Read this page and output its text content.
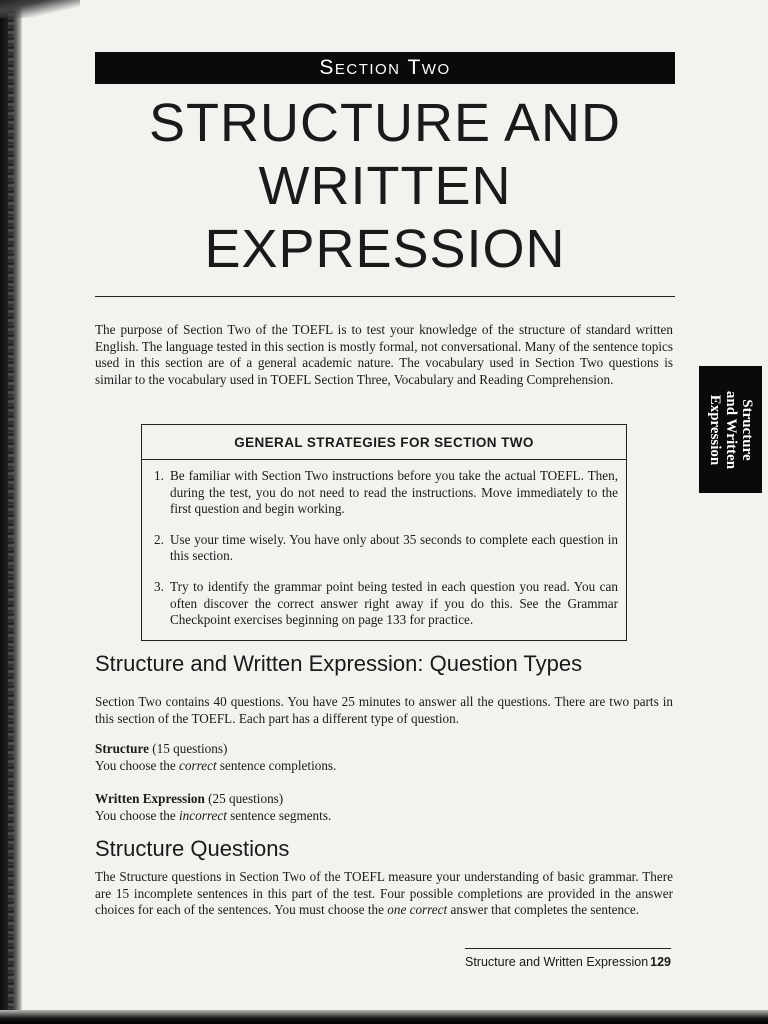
Section Two
STRUCTURE AND
WRITTEN
EXPRESSION
Structure
and Written
Expression

The purpose of Section Two of the TOEFL is to test your knowledge of the structure of standard written English. The language tested in this section is mostly formal, not conversational. Many of the sentence topics used in this section are of a general academic nature. The vocabulary used in Section Two questions is similar to the vocabulary used in TOEFL Section Three, Vocabulary and Reading Comprehension.

GENERAL STRATEGIES FOR SECTION TWO
1. Be familiar with Section Two instructions before you take the actual TOEFL. Then, during the test, you do not need to read the instructions. Move immediately to the first question and begin working.
2. Use your time wisely. You have only about 35 seconds to complete each question in this section.
3. Try to identify the grammar point being tested in each question you read. You can often discover the correct answer right away if you do this. See the Grammar Checkpoint exercises beginning on page 133 for practice.
Structure and Written Expression: Question Types

Section Two contains 40 questions. You have 25 minutes to answer all the questions. There are two parts in this section of the TOEFL. Each part has a different type of question.

Structure (15 questions)
You choose the correct sentence completions.
Written Expression (25 questions)
You choose the incorrect sentence segments.
Structure Questions

The Structure questions in Section Two of the TOEFL measure your understanding of basic grammar. There are 15 incomplete sentences in this part of the test. Four possible completions are provided in the answer choices for each of the sentences. You must choose the one correct answer that completes the sentence.

Structure and Written Expression 129
